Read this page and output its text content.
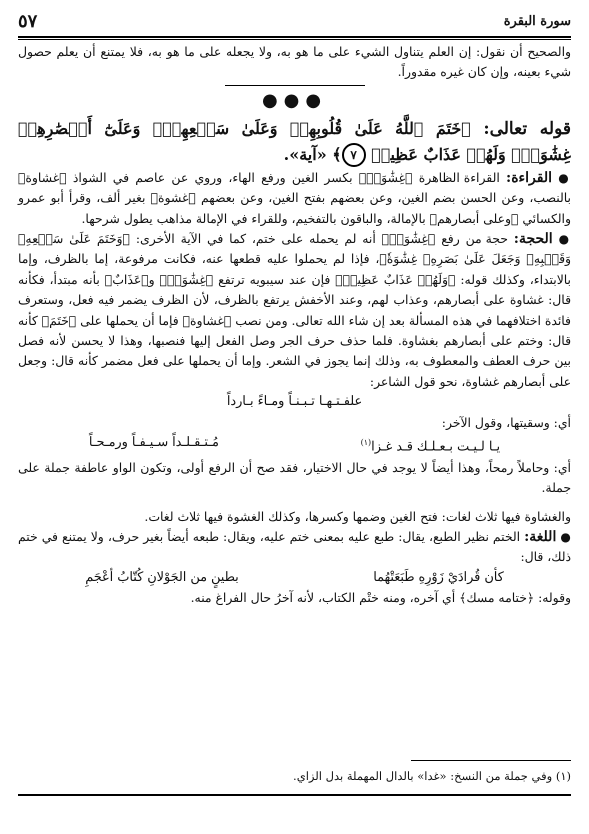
سورة البقرة
٥٧

والصحيح أن نقول: إن العلم يتناول الشيء على ما هو به، ولا يجعله على ما هو به، فلا يمتنع أن يعلم حصول شيء بعينه، وإن كان غيره مقدوراً.

●●●

قوله تعالى: ﴿خَتَمَ ٱللَّهُ عَلَىٰ قُلُوبِهِمۡ وَعَلَىٰ سَمۡعِهِمۡۖ وَعَلَىٰٓ أَبۡصَٰرِهِمۡ غِشَٰوَةٞۖ وَلَهُمۡ عَذَابٌ عَظِيمٞ ٧﴾ «آية».

● القراءة: القراءة الظاهرة ﴿غِشَٰوَةٞ﴾ بكسر الغين ورفع الهاء، وروي عن عاصم في الشواذ ﴿غشاوة﴾ بالنصب، وعن الحسن بضم الغين، وعن بعضهم بفتح الغين، وعن بعضهم ﴿غشوة﴾ بغير ألف، وقرأ أبو عمرو والكسائي ﴿وعلى أبصارهم﴾ بالإمالة، والباقون بالتفخيم، وللقراء في الإمالة مذاهب يطول شرحها.

● الحجة: حجة من رفع ﴿غِشَٰوَةٞ﴾ أنه لم يحمله على ختم، كما في الآية الأخرى: ﴿وَخَتَمَ عَلَىٰ سَمۡعِهِۦ وَقَلۡبِهِۦ وَجَعَلَ عَلَىٰ بَصَرِهِۦ غِشَٰوَةٗ﴾، فإذا لم يحملوا عليه قطعها عنه، فكانت مرفوعة، إما بالظرف، وإما بالابتداء، وكذلك قوله: ﴿وَلَهُمۡ عَذَابٌ عَظِيمٞ﴾ فإن عند سيبويه ترتفع ﴿غِشَٰوَةٞ﴾ و﴿عَذَابٌ﴾ بأنه مبتدأ، فكأنه قال: غشاوة على أبصارهم، وعذاب لهم، وعند الأخفش يرتفع بالظرف، لأن الظرف يضمر فيه فعل، وستعرف فائدة اختلافهما في هذه المسألة بعد إن شاء الله تعالى. ومن نصب ﴿غشاوة﴾ فإما أن يحملها على ﴿خَتَمَ﴾ كأنه قال: وختم على أبصارهم بغشاوة. فلما حذف حرف الجر وصل الفعل إليها فنصبها، وهذا لا يحسن لأنه فصل بين حرف العطف والمعطوف به، وذلك إنما يجوز في الشعر. وإما أن يحملها على فعل مضمر كأنه قال: وجعل على أبصارهم غشاوة، نحو قول الشاعر:

علفـتـهـا تـبـنـاً ومـاءً بـارداً

أي: وسقيتها، وقول الآخر:

يـا لـيـت بـعـلـك قـد غـزا$^{(١)}$
مُـتـقـلـداً سـيـفـاً ورمـحـاً

أي: وحاملاً رمحاً، وهذا أيضاً لا يوجد في حال الاختيار، فقد صح أن الرفع أولى، وتكون الواو عاطفة جملة على جملة.

والغشاوة فيها ثلاث لغات: فتح الغين وضمها وكسرها، وكذلك الغشوة فيها ثلاث لغات.

● اللغة: الختم نظير الطبع، يقال: طبع عليه بمعنى ختم عليه، ويقال: طبعه أيضاً بغير حرف، ولا يمتنع في ختم ذلك، قال:

كأن قُرادَيْ زَوْرِهِ طَبَعَتْهُما
بطينٍ من الجَوْلانِ كُتّابُ أعْجَمِ

وقوله: ﴿ختامه مسك﴾ أي آخره، ومنه ختْم الكتاب، لأنه آخرُ حال الفراغ منه.

(١) وفي جملة من النسخ: «غدا» بالدال المهملة بدل الزاي.
